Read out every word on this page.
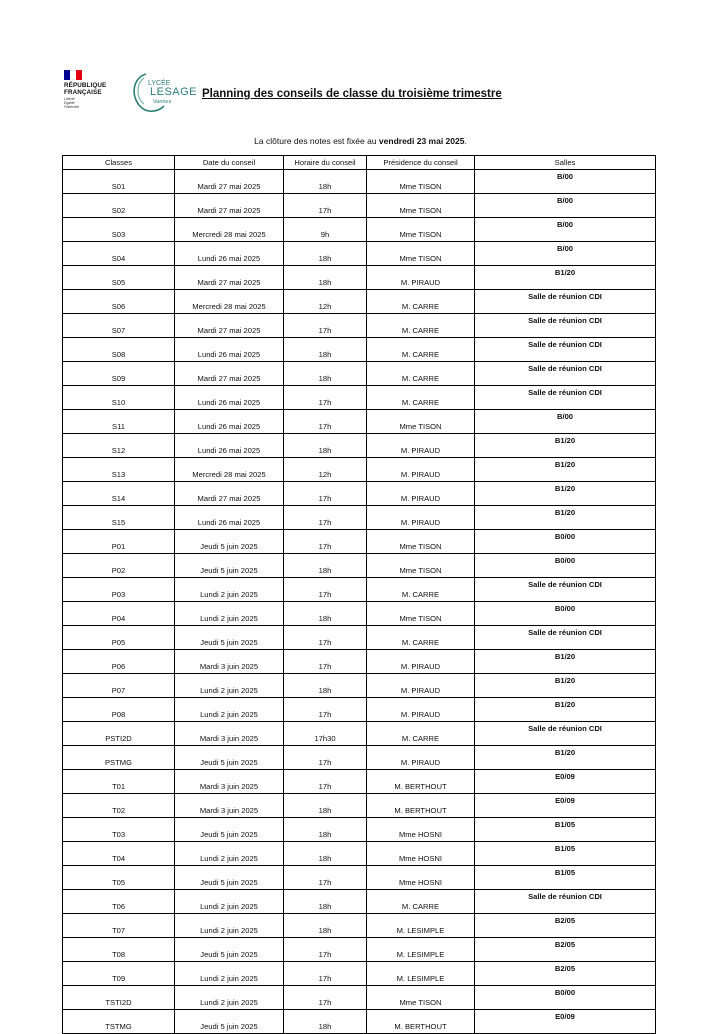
RÉPUBLIQUE
FRANÇAISE
Liberté
Égalité
Fraternité
LYCÉE
LESAGE
Vannes
Planning des conseils de classe du troisième trimestre
La clôture des notes est fixée au vendredi 23 mai 2025.
Classes	Date du conseil	Horaire du conseil	Présidence du conseil	Salles
S01	Mardi 27 mai 2025	18h	Mme TISON	B/00
S02	Mardi 27 mai 2025	17h	Mme TISON	B/00
S03	Mercredi 28 mai 2025	9h	Mme TISON	B/00
S04	Lundi 26 mai 2025	18h	Mme TISON	B/00
S05	Mardi 27 mai 2025	18h	M. PIRAUD	B1/20
S06	Mercredi 28 mai 2025	12h	M. CARRE	Salle de réunion CDI
S07	Mardi 27 mai 2025	17h	M. CARRE	Salle de réunion CDI
S08	Lundi 26 mai 2025	18h	M. CARRE	Salle de réunion CDI
S09	Mardi 27 mai 2025	18h	M. CARRE	Salle de réunion CDI
S10	Lundi 26 mai 2025	17h	M. CARRE	Salle de réunion CDI
S11	Lundi 26 mai 2025	17h	Mme TISON	B/00
S12	Lundi 26 mai 2025	18h	M. PIRAUD	B1/20
S13	Mercredi 28 mai 2025	12h	M. PIRAUD	B1/20
S14	Mardi 27 mai 2025	17h	M. PIRAUD	B1/20
S15	Lundi 26 mai 2025	17h	M. PIRAUD	B1/20
P01	Jeudi 5 juin 2025	17h	Mme TISON	B0/00
P02	Jeudi 5 juin 2025	18h	Mme TISON	B0/00
P03	Lundi 2 juin 2025	17h	M. CARRE	Salle de réunion CDI
P04	Lundi 2 juin 2025	18h	Mme TISON	B0/00
P05	Jeudi 5 juin 2025	17h	M. CARRE	Salle de réunion CDI
P06	Mardi 3 juin 2025	17h	M. PIRAUD	B1/20
P07	Lundi 2 juin 2025	18h	M. PIRAUD	B1/20
P08	Lundi 2 juin 2025	17h	M. PIRAUD	B1/20
PSTI2D	Mardi 3 juin 2025	17h30	M. CARRE	Salle de réunion CDI
PSTMG	Jeudi 5 juin 2025	17h	M. PIRAUD	B1/20
T01	Mardi 3 juin 2025	17h	M. BERTHOUT	E0/09
T02	Mardi 3 juin 2025	18h	M. BERTHOUT	E0/09
T03	Jeudi 5 juin 2025	18h	Mme HOSNI	B1/05
T04	Lundi 2 juin 2025	18h	Mme HOSNI	B1/05
T05	Jeudi 5 juin 2025	17h	Mme HOSNI	B1/05
T06	Lundi 2 juin 2025	18h	M. CARRE	Salle de réunion CDI
T07	Lundi 2 juin 2025	18h	M. LESIMPLE	B2/05
T08	Jeudi 5 juin 2025	17h	M. LESIMPLE	B2/05
T09	Lundi 2 juin 2025	17h	M. LESIMPLE	B2/05
TSTI2D	Lundi 2 juin 2025	17h	Mme TISON	B0/00
TSTMG	Jeudi 5 juin 2025	18h	M. BERTHOUT	E0/09
